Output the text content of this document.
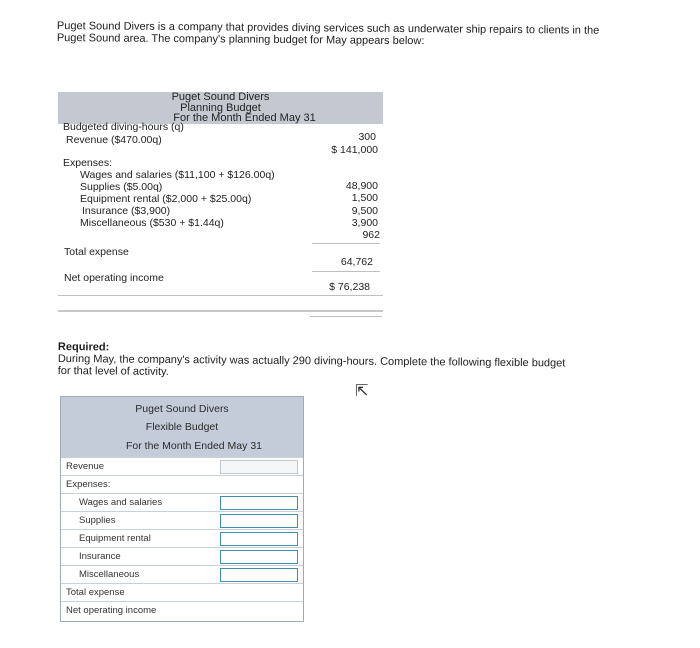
Puget Sound Divers is a company that provides diving services such as underwater ship repairs to clients in the Puget Sound area. The company's planning budget for May appears below:
Puget Sound Divers
Planning Budget
For the Month Ended May 31
Budgeted diving-hours (q)
300
Revenue ($470.00q)
$ 141,000
Expenses:
Wages and salaries ($11,100 + $126.00q)
Supplies ($5.00q)
Equipment rental ($2,000 + $25.00q)
Insurance ($3,900)
Miscellaneous ($530 + $1.44q)
48,900
1,500
9,500
3,900
962
Total expense
64,762
Net operating income
$ 76,238
Required:
During May, the company's activity was actually 290 diving-hours. Complete the following flexible budget for that level of activity.
⇱
Puget Sound Divers
Flexible Budget
For the Month Ended May 31
Revenue
Expenses:
Wages and salaries
Supplies
Equipment rental
Insurance
Miscellaneous
Total expense
Net operating income
